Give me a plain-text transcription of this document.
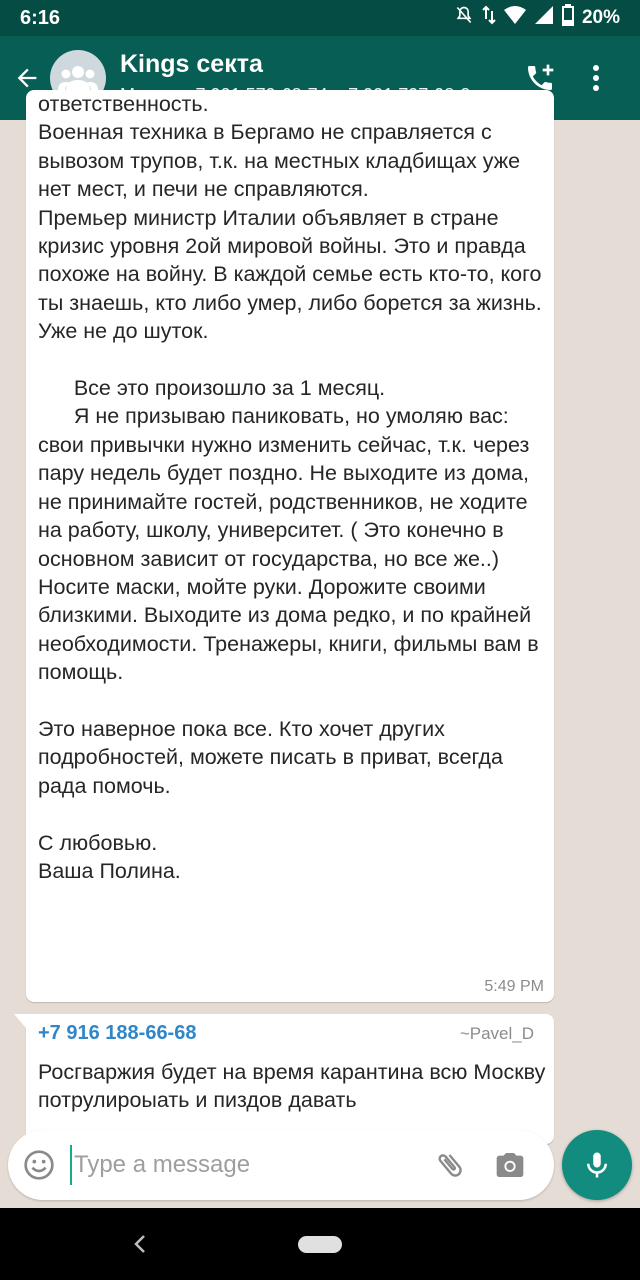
6:16	20%
Kings секта
ответственность.
Военная техника в Бергамо не справляется с вывозом трупов, т.к. на местных кладбищах уже нет мест, и печи не справляются.
Премьер министр Италии объявляет в стране кризис уровня 2ой мировой войны. Это и правда похоже на войну. В каждой семье есть кто-то, кого ты знаешь, кто либо умер, либо борется за жизнь. Уже не до шуток.

Все это произошло за 1 месяц.
Я не призываю паниковать, но умоляю вас: свои привычки нужно изменить сейчас, т.к. через пару недель будет поздно. Не выходите из дома, не принимайте гостей, родственников, не ходите на работу, школу, университет. ( Это конечно в основном зависит от государства, но все же..) Носите маски, мойте руки. Дорожите своими близкими. Выходите из дома редко, и по крайней необходимости. Тренажеры, книги, фильмы вам в помощь.

Это наверное пока все. Кто хочет других подробностей, можете писать в приват, всегда рада помочь.

С любовью.
Ваша Полина.
5:49 PM
+7 916 188-66-68	~Pavel_D
Росгваржия будет на время карантина всю Москву потрулироыать и пиздов давать
Type a message
